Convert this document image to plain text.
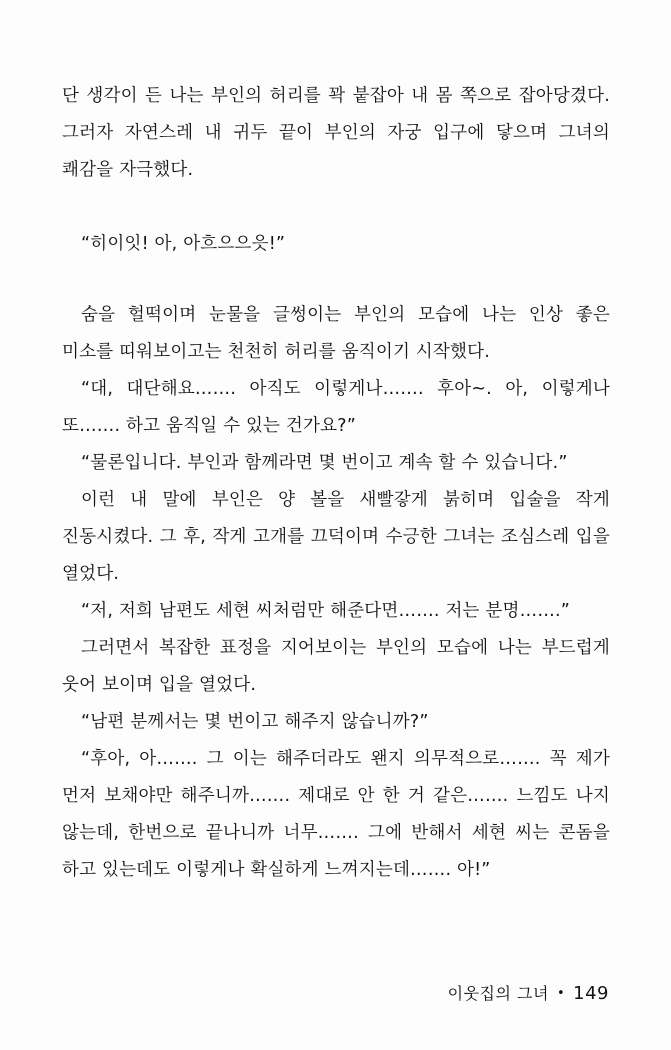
단 생각이 든 나는 부인의 허리를 꽉 붙잡아 내 몸 쪽으로 잡아당겼다. 그러자 자연스레 내 귀두 끝이 부인의 자궁 입구에 닿으며 그녀의 쾌감을 자극했다.

“히이잇! 아, 아흐으으읏!”

숨을 헐떡이며 눈물을 글썽이는 부인의 모습에 나는 인상 좋은 미소를 띠워보이고는 천천히 허리를 움직이기 시작했다.

“대, 대단해요……. 아직도 이렇게나……. 후아~. 아, 이렇게나 또……. 하고 움직일 수 있는 건가요?”

“물론입니다. 부인과 함께라면 몇 번이고 계속 할 수 있습니다.”

이런 내 말에 부인은 양 볼을 새빨갛게 붉히며 입술을 작게 진동시켰다. 그 후, 작게 고개를 끄덕이며 수긍한 그녀는 조심스레 입을 열었다.

“저, 저희 남편도 세현 씨처럼만 해준다면……. 저는 분명…….”

그러면서 복잡한 표정을 지어보이는 부인의 모습에 나는 부드럽게 웃어 보이며 입을 열었다.

“남편 분께서는 몇 번이고 해주지 않습니까?”

“후아, 아……. 그 이는 해주더라도 왠지 의무적으로……. 꼭 제가 먼저 보채야만 해주니까……. 제대로 안 한 거 같은……. 느낌도 나지 않는데, 한번으로 끝나니까 너무……. 그에 반해서 세현 씨는 콘돔을 하고 있는데도 이렇게나 확실하게 느껴지는데……. 아!”

이웃집의 그녀 • 149
